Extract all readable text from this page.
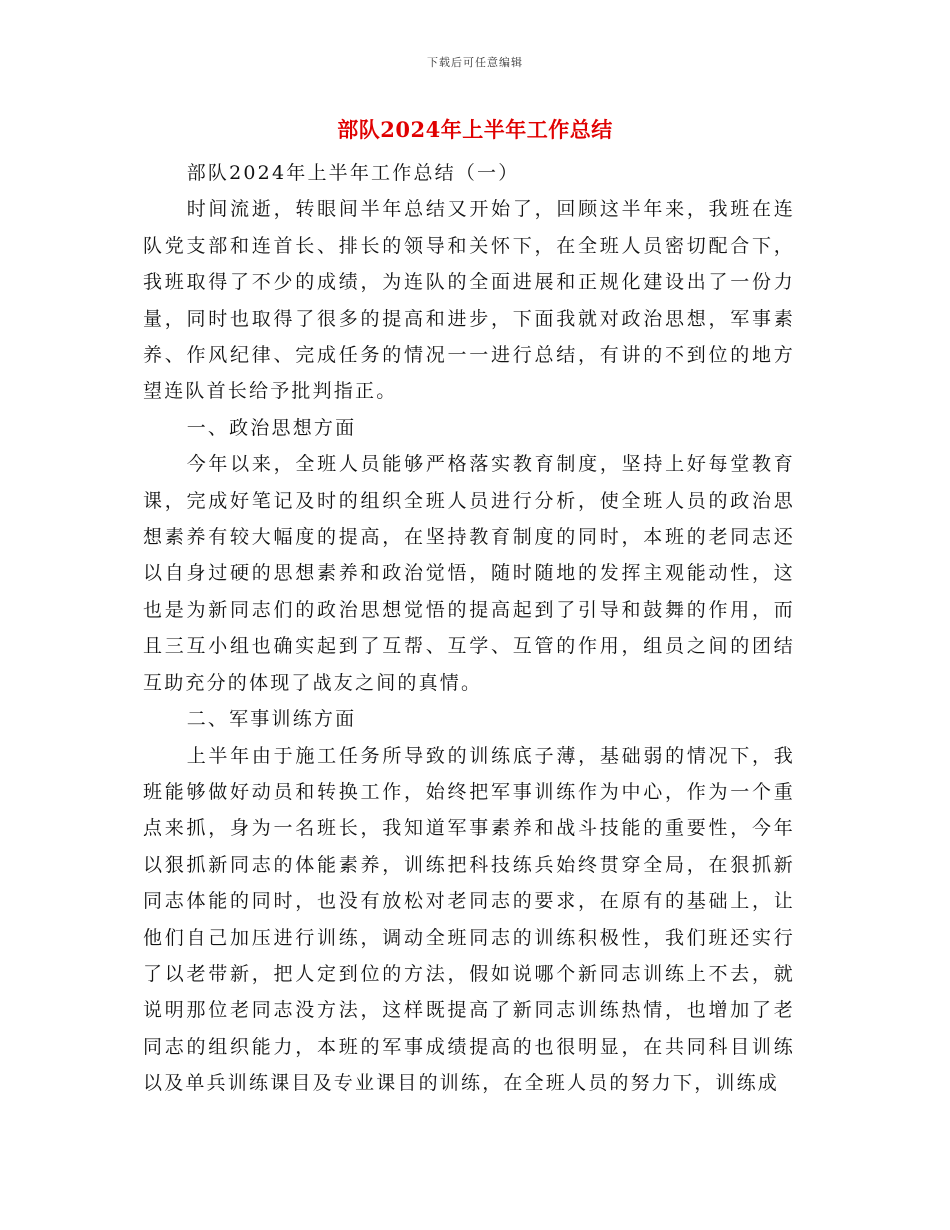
下载后可任意编辑
部队2024年上半年工作总结

部队2024年上半年工作总结（一）

时间流逝，转眼间半年总结又开始了，回顾这半年来，我班在连队党支部和连首长、排长的领导和关怀下，在全班人员密切配合下，我班取得了不少的成绩，为连队的全面进展和正规化建设出了一份力量，同时也取得了很多的提高和进步，下面我就对政治思想，军事素养、作风纪律、完成任务的情况一一进行总结，有讲的不到位的地方望连队首长给予批判指正。

一、政治思想方面

今年以来，全班人员能够严格落实教育制度，坚持上好每堂教育课，完成好笔记及时的组织全班人员进行分析，使全班人员的政治思想素养有较大幅度的提高，在坚持教育制度的同时，本班的老同志还以自身过硬的思想素养和政治觉悟，随时随地的发挥主观能动性，这也是为新同志们的政治思想觉悟的提高起到了引导和鼓舞的作用，而且三互小组也确实起到了互帮、互学、互管的作用，组员之间的团结互助充分的体现了战友之间的真情。

二、军事训练方面

上半年由于施工任务所导致的训练底子薄，基础弱的情况下，我班能够做好动员和转换工作，始终把军事训练作为中心，作为一个重点来抓，身为一名班长，我知道军事素养和战斗技能的重要性，今年以狠抓新同志的体能素养，训练把科技练兵始终贯穿全局，在狠抓新同志体能的同时，也没有放松对老同志的要求，在原有的基础上，让他们自己加压进行训练，调动全班同志的训练积极性，我们班还实行了以老带新，把人定到位的方法，假如说哪个新同志训练上不去，就说明那位老同志没方法，这样既提高了新同志训练热情，也增加了老同志的组织能力，本班的军事成绩提高的也很明显，在共同科目训练以及单兵训练课目及专业课目的训练，在全班人员的努力下，训练成
